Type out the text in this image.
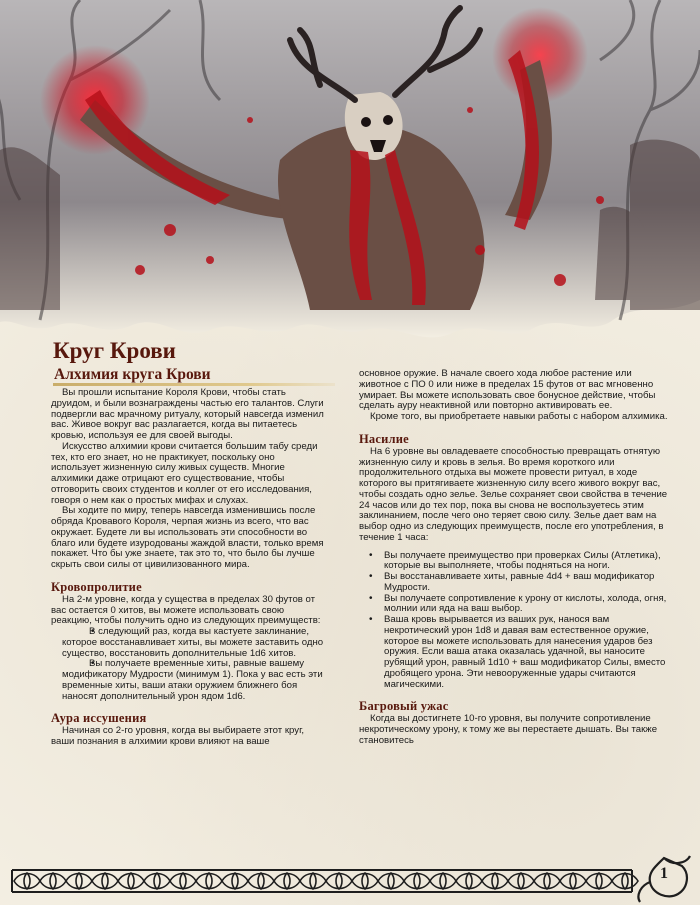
Круг Крови
Алхимия круга Крови

Вы прошли испытание Короля Крови, чтобы стать друидом, и были вознаграждены частью его талантов. Слуги подвергли вас мрачному ритуалу, который навсегда изменил вас. Живое вокруг вас разлагается, когда вы питаетесь кровью, используя ее для своей выгоды.

Искусство алхимии крови считается большим табу среди тех, кто его знает, но не практикует, поскольку оно использует жизненную силу живых существ. Многие алхимики даже отрицают его существование, чтобы отговорить своих студентов и коллег от его исследования, говоря о нем как о простых мифах и слухах.

Вы ходите по миру, теперь навсегда изменившись после обряда Кровавого Короля, черпая жизнь из всего, что вас окружает. Будете ли вы использовать эти способности во благо или будете изуродованы жаждой власти, только время покажет. Что бы уже знаете, так это то, что было бы лучше скрыть свои силы от цивилизованного мира.

Кровопролитие

На 2-м уровне, когда у существа в пределах 30 футов от вас остается 0 хитов, вы можете использовать свою реакцию, чтобы получить одно из следующих преимуществ:

• В следующий раз, когда вы кастуете заклинание, которое восстанавливает хиты, вы можете заставить одно существо, восстановить дополнительные 1d6 хитов.
• Вы получаете временные хиты, равные вашему модификатору Мудрости (минимум 1). Пока у вас есть эти временные хиты, ваши атаки оружием ближнего боя наносят дополнительный урон ядом 1d6.
Аура иссушения

Начиная со 2-го уровня, когда вы выбираете этот круг, ваши познания в алхимии крови влияют на ваше

основное оружие. В начале своего хода любое растение или животное с ПО 0 или ниже в пределах 15 футов от вас мгновенно умирает. Вы можете использовать свое бонусное действие, чтобы сделать ауру неактивной или повторно активировать ее.

Кроме того, вы приобретаете навыки работы с набором алхимика.

Насилие

На 6 уровне вы овладеваете способностью превращать отнятую жизненную силу и кровь в зелья. Во время короткого или продолжительного отдыха вы можете провести ритуал, в ходе которого вы притягиваете жизненную силу всего живого вокруг вас, чтобы создать одно зелье. Зелье сохраняет свои свойства в течение 24 часов или до тех пор, пока вы снова не воспользуетесь этим заклинанием, после чего оно теряет свою силу. Зелье дает вам на выбор одно из следующих преимуществ, после его употребления, в течение 1 часа:

• Вы получаете преимущество при проверках Силы (Атлетика), которые вы выполняете, чтобы подняться на ноги.
• Вы восстанавливаете хиты, равные 4d4 + ваш модификатор Мудрости.
• Вы получаете сопротивление к урону от кислоты, холода, огня, молнии или яда на ваш выбор.
• Ваша кровь вырывается из ваших рук, нанося вам некротический урон 1d8 и давая вам естественное оружие, которое вы можете использовать для нанесения ударов без оружия. Если ваша атака оказалась удачной, вы наносите рубящий урон, равный 1d10 + ваш модификатор Силы, вместо дробящего урона. Эти невооруженные удары считаются магическими.
Багровый ужас

Когда вы достигнете 10-го уровня, вы получите сопротивление некротическому урону, к тому же вы перестаете дышать. Вы также становитесь

1
